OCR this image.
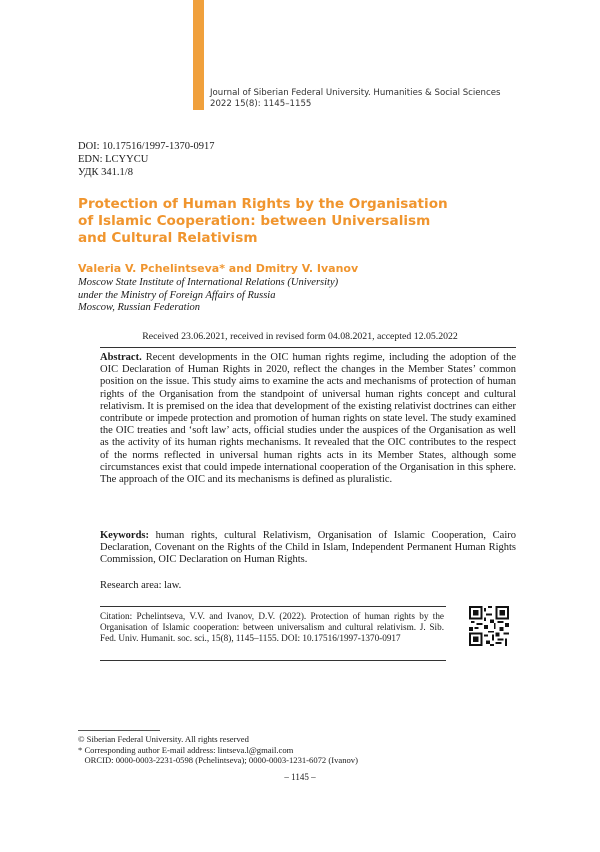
Journal of Siberian Federal University. Humanities & Social Sciences
2022 15(8): 1145–1155
DOI: 10.17516/1997-1370-0917
EDN: LCYYCU
УДК 341.1/8
Protection of Human Rights by the Organisation
of Islamic Cooperation: between Universalism
and Cultural Relativism
Valeria V. Pchelintseva* and Dmitry V. Ivanov
Moscow State Institute of International Relations (University)
under the Ministry of Foreign Affairs of Russia
Moscow, Russian Federation
Received 23.06.2021, received in revised form 04.08.2021, accepted 12.05.2022
Abstract. Recent developments in the OIC human rights regime, including the adoption of the OIC Declaration of Human Rights in 2020, reflect the changes in the Member States’ common position on the issue. This study aims to examine the acts and mechanisms of protection of human rights of the Organisation from the standpoint of universal human rights concept and cultural relativism. It is premised on the idea that development of the existing relativist doctrines can either contribute or impede protection and promotion of human rights on state level. The study examined the OIC treaties and ‘soft law’ acts, official studies under the auspices of the Organisation as well as the activity of its human rights mechanisms. It revealed that the OIC contributes to the respect of the norms reflected in universal human rights acts in its Member States, although some circumstances exist that could impede international cooperation of the Organisation in this sphere. The approach of the OIC and its mechanisms is defined as pluralistic.
Keywords: human rights, cultural Relativism, Organisation of Islamic Cooperation, Cairo Declaration, Covenant on the Rights of the Child in Islam, Independent Permanent Human Rights Commission, OIC Declaration on Human Rights.
Research area: law.
Citation: Pchelintseva, V.V. and Ivanov, D.V. (2022). Protection of human rights by the Organisation of Islamic cooperation: between universalism and cultural relativism. J. Sib. Fed. Univ. Humanit. soc. sci., 15(8), 1145–1155. DOI: 10.17516/1997-1370-0917
© Siberian Federal University. All rights reserved
* Corresponding author E-mail address: lintseva.l@gmail.com
ORCID: 0000-0003-2231-0598 (Pchelintseva); 0000-0003-1231-6072 (Ivanov)
– 1145 –
